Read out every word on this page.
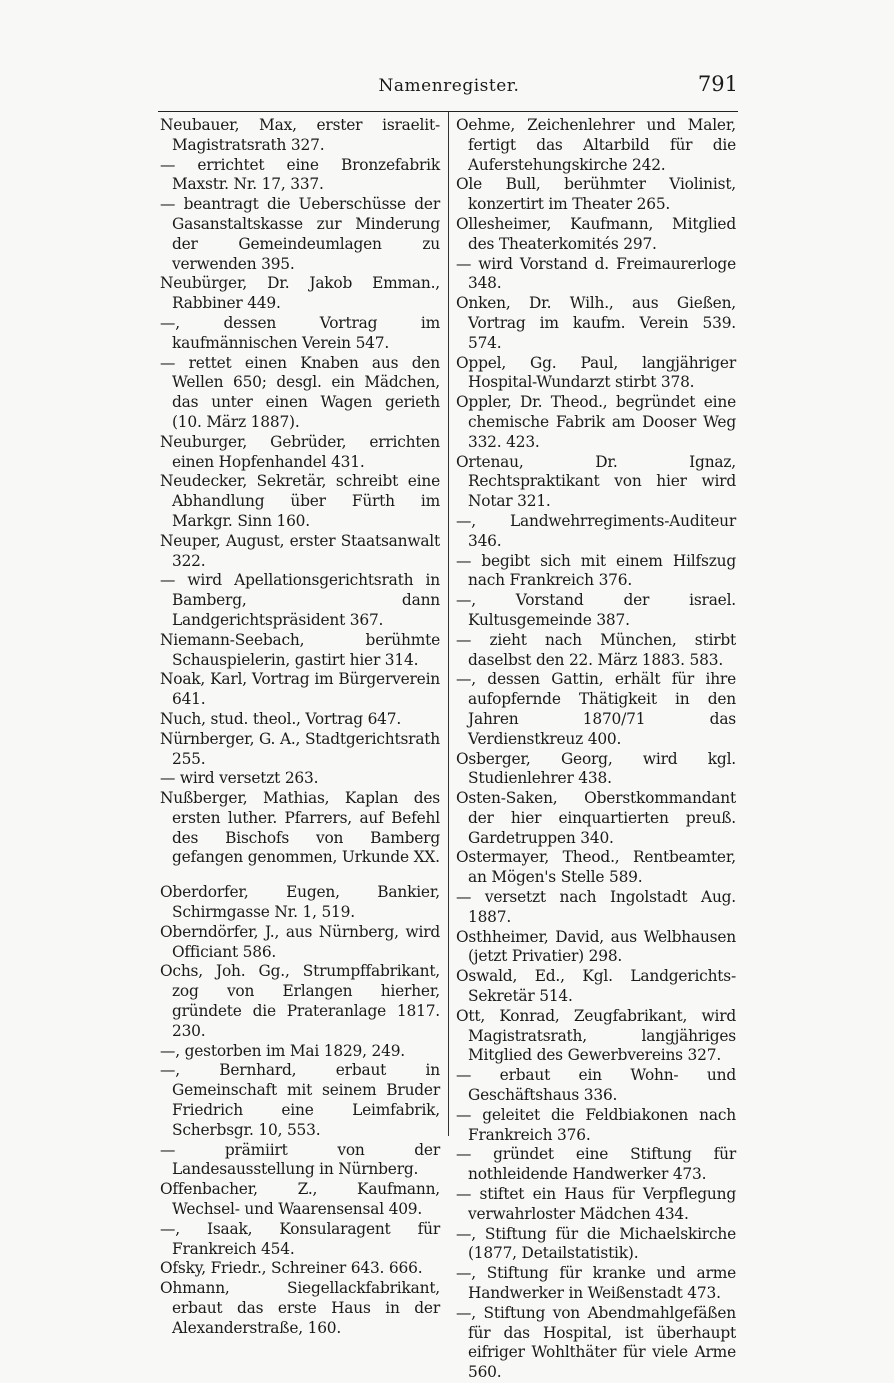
Namenregister.	791
Neubauer, Max, erster israelit-Magistratsrath 327.
— errichtet eine Bronzefabrik Maxstr. Nr. 17, 337.
— beantragt die Ueberschüsse der Gasanstaltskasse zur Minderung der Gemeindeumlagen zu verwenden 395.
Neubürger, Dr. Jakob Emman., Rabbiner 449.
—, dessen Vortrag im kaufmännischen Verein 547.
— rettet einen Knaben aus den Wellen 650; desgl. ein Mädchen, das unter einen Wagen gerieth (10. März 1887).
Neuburger, Gebrüder, errichten einen Hopfenhandel 431.
Neudecker, Sekretär, schreibt eine Abhandlung über Fürth im Markgr. Sinn 160.
Neuper, August, erster Staatsanwalt 322.
— wird Apellationsgerichtsrath in Bamberg, dann Landgerichtspräsident 367.
Niemann-Seebach, berühmte Schauspielerin, gastirt hier 314.
Noak, Karl, Vortrag im Bürgerverein 641.
Nuch, stud. theol., Vortrag 647.
Nürnberger, G. A., Stadtgerichtsrath 255.
— wird versetzt 263.
Nußberger, Mathias, Kaplan des ersten luther. Pfarrers, auf Befehl des Bischofs von Bamberg gefangen genommen, Urkunde XX.
Oberdorfer, Eugen, Bankier, Schirmgasse Nr. 1, 519.
Oberndörfer, J., aus Nürnberg, wird Officiant 586.
Ochs, Joh. Gg., Strumpffabrikant, zog von Erlangen hierher, gründete die Prateranlage 1817. 230.
—, gestorben im Mai 1829, 249.
—, Bernhard, erbaut in Gemeinschaft mit seinem Bruder Friedrich eine Leimfabrik, Scherbsgr. 10, 553.
— prämiirt von der Landesausstellung in Nürnberg.
Offenbacher, Z., Kaufmann, Wechsel- und Waarensensal 409.
—, Isaak, Konsularagent für Frankreich 454.
Ofsky, Friedr., Schreiner 643. 666.
Ohmann, Siegellackfabrikant, erbaut das erste Haus in der Alexanderstraße, 160.
Oehme, Zeichenlehrer und Maler, fertigt das Altarbild für die Auferstehungskirche 242.
Ole Bull, berühmter Violinist, konzertirt im Theater 265.
Ollesheimer, Kaufmann, Mitglied des Theaterkomités 297.
— wird Vorstand d. Freimaurerloge 348.
Onken, Dr. Wilh., aus Gießen, Vortrag im kaufm. Verein 539. 574.
Oppel, Gg. Paul, langjähriger Hospital-Wundarzt stirbt 378.
Oppler, Dr. Theod., begründet eine chemische Fabrik am Dooser Weg 332. 423.
Ortenau, Dr. Ignaz, Rechtspraktikant von hier wird Notar 321.
—, Landwehrregiments-Auditeur 346.
— begibt sich mit einem Hilfszug nach Frankreich 376.
—, Vorstand der israel. Kultusgemeinde 387.
— zieht nach München, stirbt daselbst den 22. März 1883. 583.
—, dessen Gattin, erhält für ihre aufopfernde Thätigkeit in den Jahren 1870/71 das Verdienstkreuz 400.
Osberger, Georg, wird kgl. Studienlehrer 438.
Osten-Saken, Oberstkommandant der hier einquartierten preuß. Gardetruppen 340.
Ostermayer, Theod., Rentbeamter, an Mögen's Stelle 589.
— versetzt nach Ingolstadt Aug. 1887.
Osthheimer, David, aus Welbhausen (jetzt Privatier) 298.
Oswald, Ed., Kgl. Landgerichts-Sekretär 514.
Ott, Konrad, Zeugfabrikant, wird Magistratsrath, langjähriges Mitglied des Gewerbvereins 327.
— erbaut ein Wohn- und Geschäftshaus 336.
— geleitet die Feldbiakonen nach Frankreich 376.
— gründet eine Stiftung für nothleidende Handwerker 473.
— stiftet ein Haus für Verpflegung verwahrloster Mädchen 434.
—, Stiftung für die Michaelskirche (1877, Detailstatistik).
—, Stiftung für kranke und arme Handwerker in Weißenstadt 473.
—, Stiftung von Abendmahlgefäßen für das Hospital, ist überhaupt eifriger Wohlthäter für viele Arme 560.
